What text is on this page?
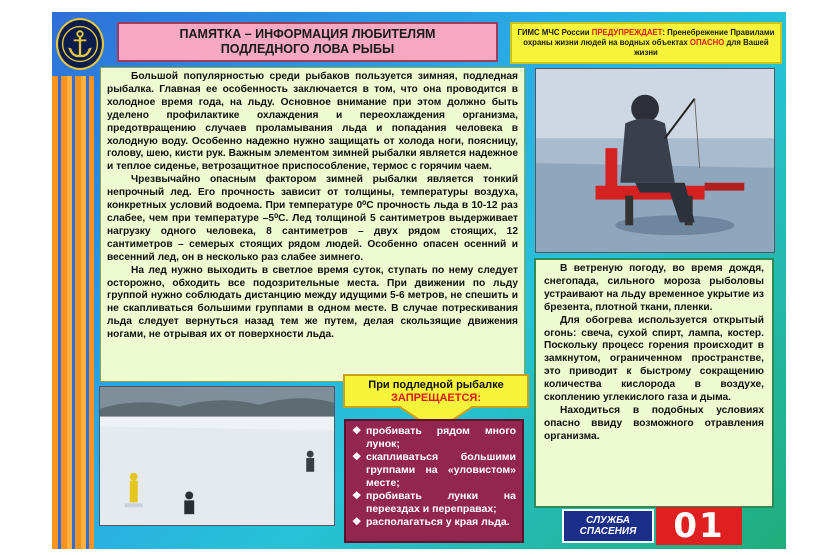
ПАМЯТКА – ИНФОРМАЦИЯ ЛЮБИТЕЛЯМ
ПОДЛЕДНОГО ЛОВА РЫБЫ
ГИМС МЧС России ПРЕДУПРЕЖДАЕТ: Пренебрежение Правилами охраны жизни людей на водных объектах ОПАСНО для Вашей жизни

Большой популярностью среди рыбаков пользуется зимняя, подледная рыбалка. Главная ее особенность заключается в том, что она проводится в холодное время года, на льду. Основное внимание при этом должно быть уделено профилактике охлаждения и переохлаждения организма, предотвращению случаев проламывания льда и попадания человека в холодную воду. Особенно надежно нужно защищать от холода ноги, поясницу, голову, шею, кисти рук. Важным элементом зимней рыбалки является надежное и теплое сиденье, ветрозащитное приспособление, термос с горячим чаем.

Чрезвычайно опасным фактором зимней рыбалки является тонкий непрочный лед. Его прочность зависит от толщины, температуры воздуха, конкретных условий водоема. При температуре 0⁰С прочность льда в 10-12 раз слабее, чем при температуре –5⁰С. Лед толщиной 5 сантиметров выдерживает нагрузку одного человека, 8 сантиметров – двух рядом стоящих, 12 сантиметров – семерых стоящих рядом людей. Особенно опасен осенний и весенний лед, он в несколько раз слабее зимнего.

На лед нужно выходить в светлое время суток, ступать по нему следует осторожно, обходить все подозрительные места. При движении по льду группой нужно соблюдать дистанцию между идущими 5-6 метров, не спешить и не скапливаться большими группами в одном месте. В случае потрескивания льда следует вернуться назад тем же путем, делая скользящие движения ногами, не отрывая их от поверхности льда.

В ветреную погоду, во время дождя, снегопада, сильного мороза рыболовы устраивают на льду временное укрытие из брезента, плотной ткани, пленки.

Для обогрева используется открытый огонь: свеча, сухой спирт, лампа, костер. Поскольку процесс горения происходит в замкнутом, ограниченном пространстве, это приводит к быстрому сокращению количества кислорода в воздухе, скоплению углекислого газа и дыма.

Находиться в подобных условиях опасно ввиду возможного отравления организма.

При подледной рыбалке
ЗАПРЕЩАЕТСЯ:
❖ пробивать рядом много лунок;
❖ скапливаться большими группами на «уловистом» месте;
❖ пробивать лунки на переездах и переправах;
❖ располагаться у края льда.	СЛУЖБА
СПАСЕНИЯ	01
